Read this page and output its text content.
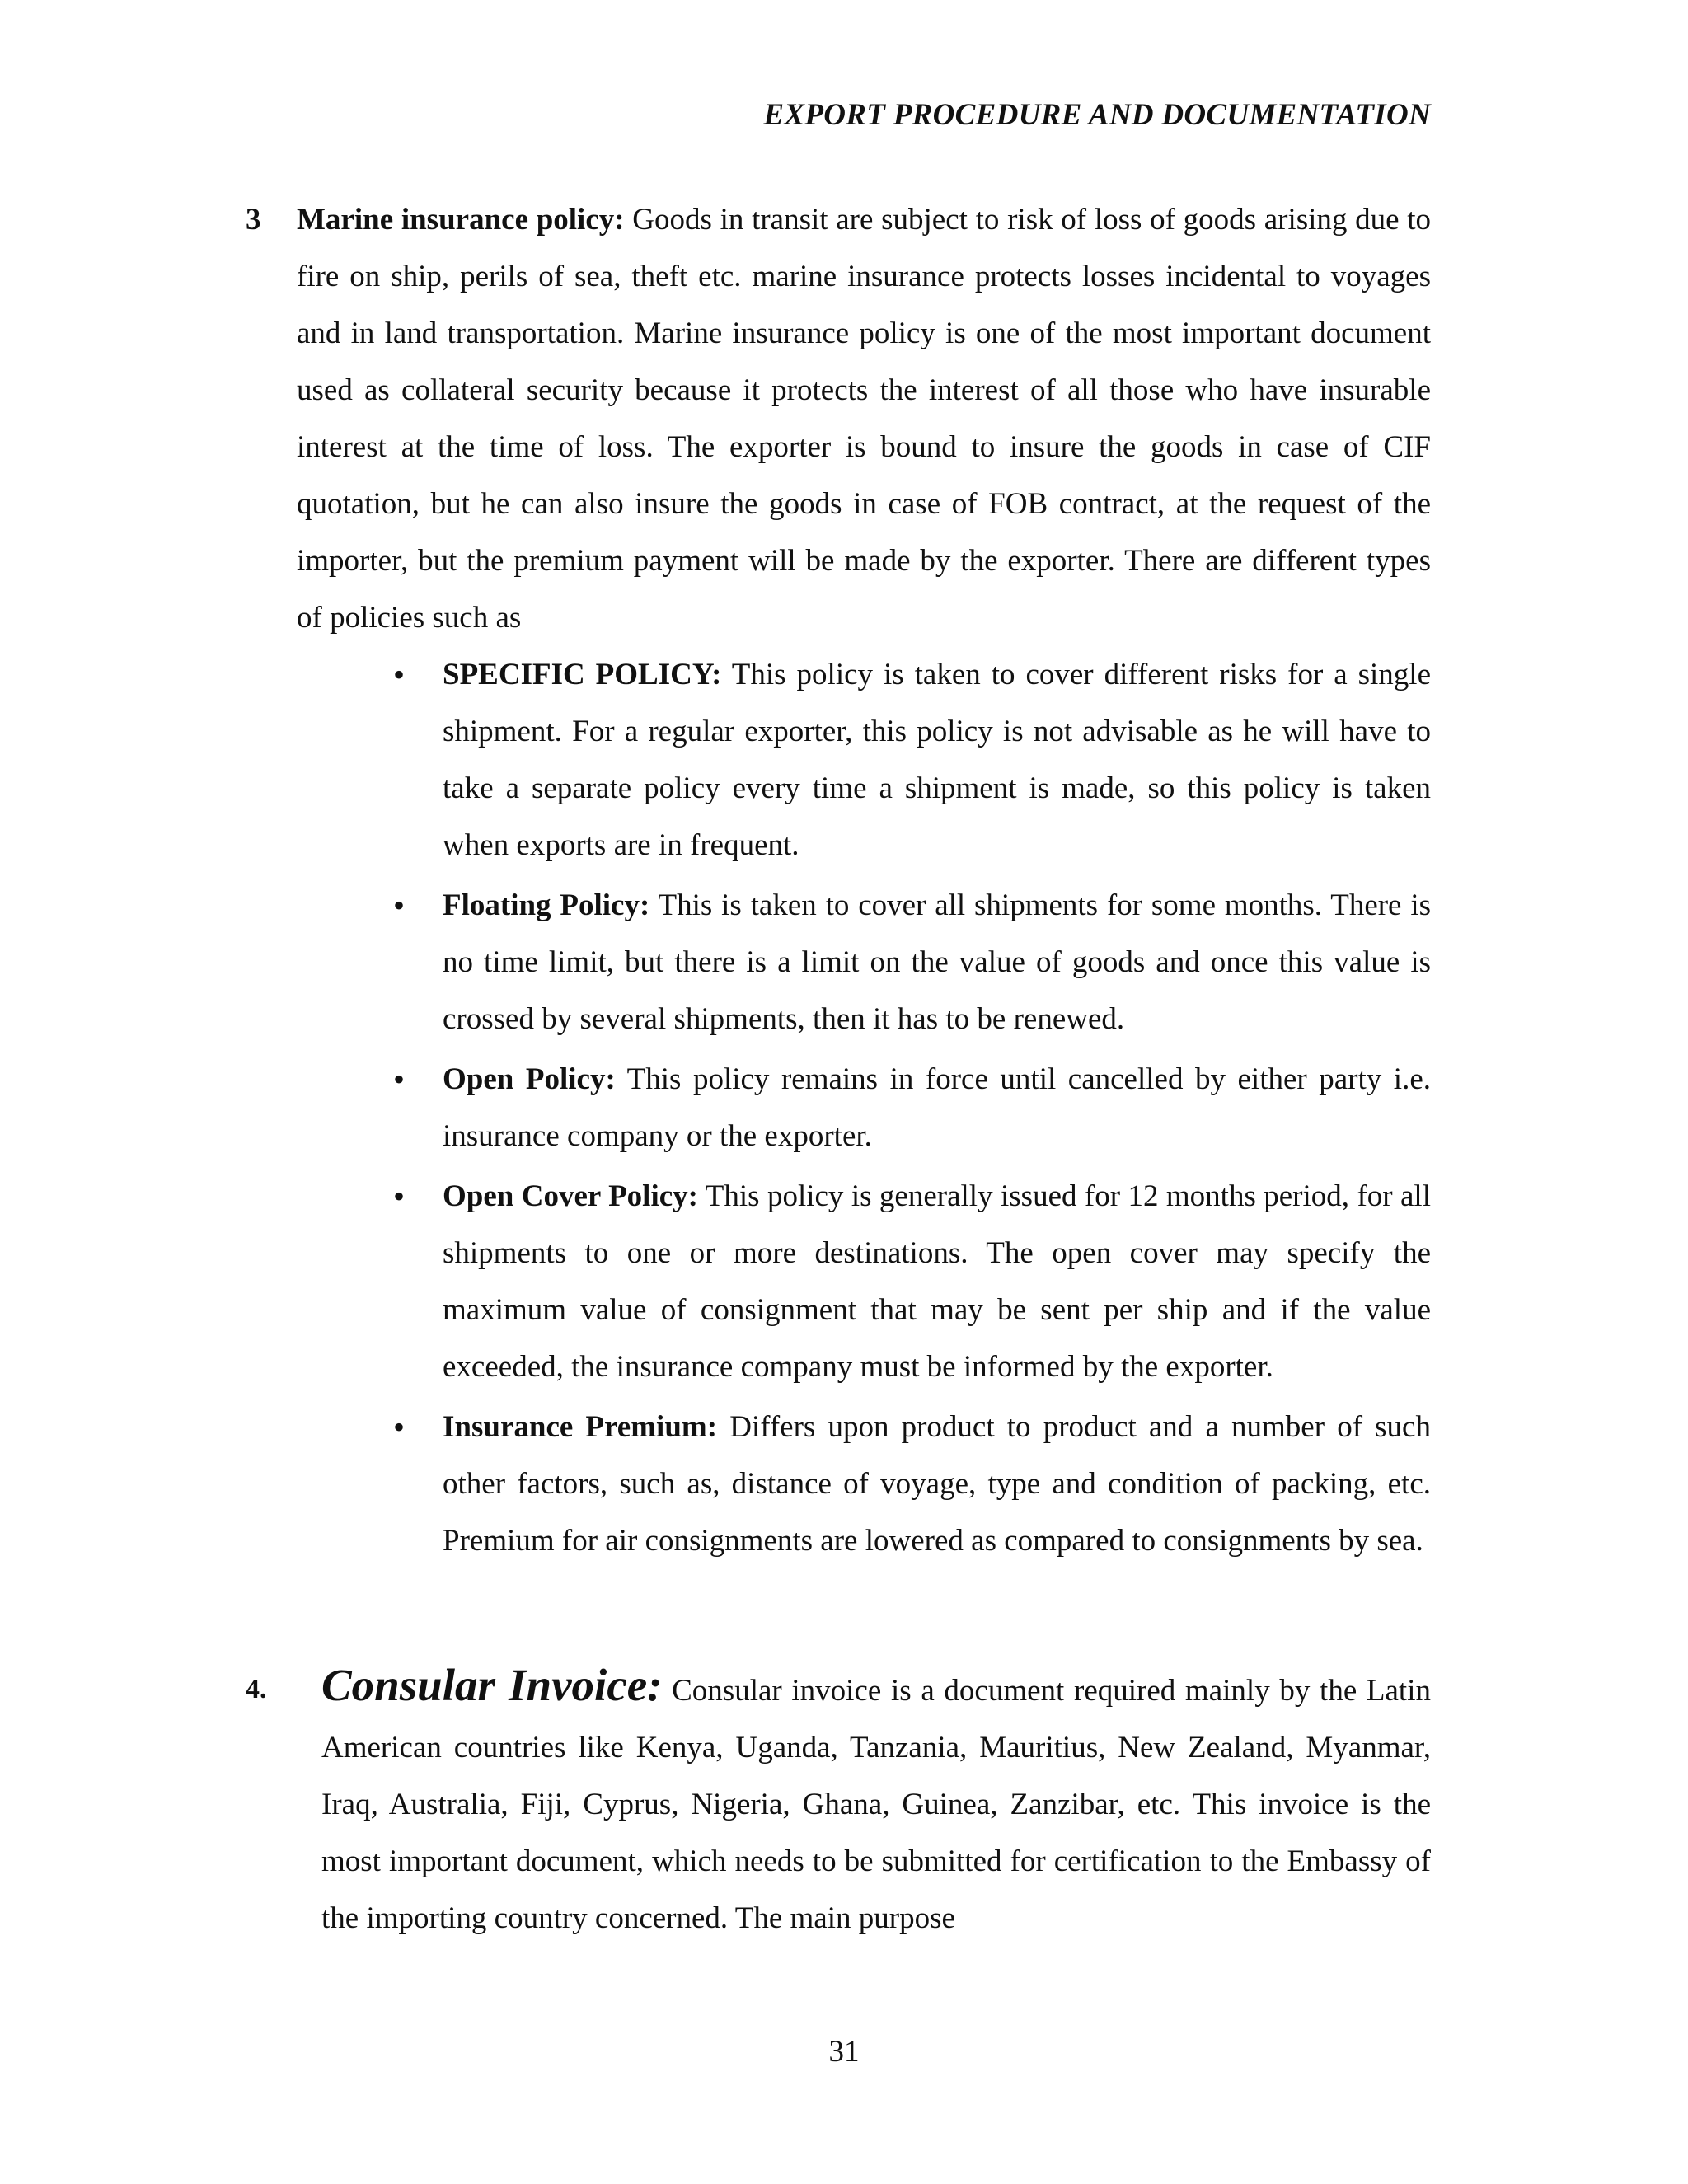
EXPORT PROCEDURE AND DOCUMENTATION
3 Marine insurance policy: Goods in transit are subject to risk of loss of goods arising due to fire on ship, perils of sea, theft etc. marine insurance protects losses incidental to voyages and in land transportation. Marine insurance policy is one of the most important document used as collateral security because it protects the interest of all those who have insurable interest at the time of loss. The exporter is bound to insure the goods in case of CIF quotation, but he can also insure the goods in case of FOB contract, at the request of the importer, but the premium payment will be made by the exporter. There are different types of policies such as
• SPECIFIC POLICY: This policy is taken to cover different risks for a single shipment. For a regular exporter, this policy is not advisable as he will have to take a separate policy every time a shipment is made, so this policy is taken when exports are in frequent.
• Floating Policy: This is taken to cover all shipments for some months. There is no time limit, but there is a limit on the value of goods and once this value is crossed by several shipments, then it has to be renewed.
• Open Policy: This policy remains in force until cancelled by either party i.e. insurance company or the exporter.
• Open Cover Policy: This policy is generally issued for 12 months period, for all shipments to one or more destinations. The open cover may specify the maximum value of consignment that may be sent per ship and if the value exceeded, the insurance company must be informed by the exporter.
• Insurance Premium: Differs upon product to product and a number of such other factors, such as, distance of voyage, type and condition of packing, etc. Premium for air consignments are lowered as compared to consignments by sea.
4. Consular Invoice: Consular invoice is a document required mainly by the Latin American countries like Kenya, Uganda, Tanzania, Mauritius, New Zealand, Myanmar, Iraq, Australia, Fiji, Cyprus, Nigeria, Ghana, Guinea, Zanzibar, etc. This invoice is the most important document, which needs to be submitted for certification to the Embassy of the importing country concerned. The main purpose
31
